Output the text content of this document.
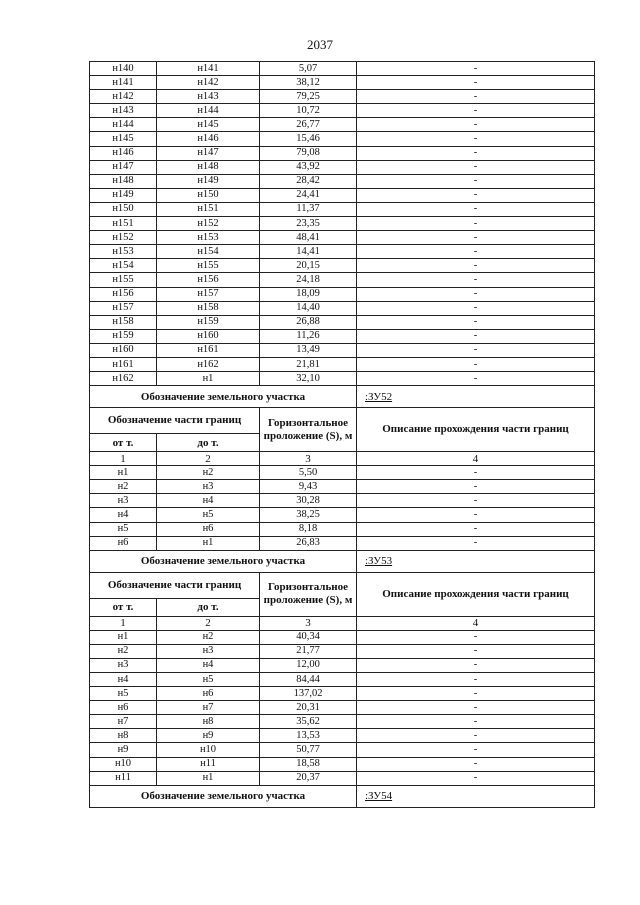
2037
н140	н141	5,07	-
н141	н142	38,12	-
н142	н143	79,25	-
н143	н144	10,72	-
н144	н145	26,77	-
н145	н146	15,46	-
н146	н147	79,08	-
н147	н148	43,92	-
н148	н149	28,42	-
н149	н150	24,41	-
н150	н151	11,37	-
н151	н152	23,35	-
н152	н153	48,41	-
н153	н154	14,41	-
н154	н155	20,15	-
н155	н156	24,18	-
н156	н157	18,09	-
н157	н158	14,40	-
н158	н159	26,88	-
н159	н160	11,26	-
н160	н161	13,49	-
н161	н162	21,81	-
н162	н1	32,10	-
Обозначение земельного участка			:ЗУ52
Обозначение части границ		Горизонтальное проложение (S), м	Описание прохождения части границ
от т.	до т.		
1	2	3	4
н1	н2	5,50	-
н2	н3	9,43	-
н3	н4	30,28	-
н4	н5	38,25	-
н5	н6	8,18	-
н6	н1	26,83	-
Обозначение земельного участка			:ЗУ53
Обозначение части границ		Горизонтальное проложение (S), м	Описание прохождения части границ
от т.	до т.		
1	2	3	4
н1	н2	40,34	-
н2	н3	21,77	-
н3	н4	12,00	-
н4	н5	84,44	-
н5	н6	137,02	-
н6	н7	20,31	-
н7	н8	35,62	-
н8	н9	13,53	-
н9	н10	50,77	-
н10	н11	18,58	-
н11	н1	20,37	-
Обозначение земельного участка			:ЗУ54
